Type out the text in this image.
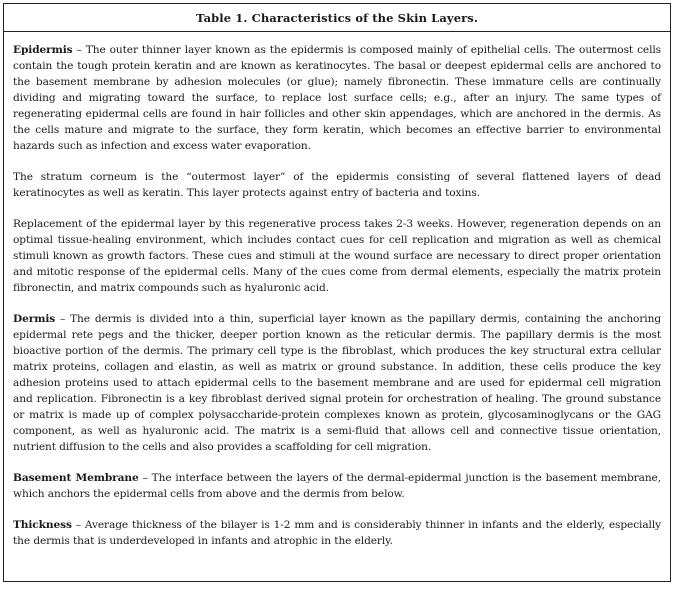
Table 1. Characteristics of the Skin Layers.

Epidermis – The outer thinner layer known as the epidermis is composed mainly of epithelial cells. The outermost cells contain the tough protein keratin and are known as keratinocytes. The basal or deepest epidermal cells are anchored to the basement membrane by adhesion molecules (or glue); namely fibronectin. These immature cells are continually dividing and migrating toward the surface, to replace lost surface cells; e.g., after an injury. The same types of regenerating epidermal cells are found in hair follicles and other skin appendages, which are anchored in the dermis. As the cells mature and migrate to the surface, they form keratin, which becomes an effective barrier to environmental hazards such as infection and excess water evaporation.

The stratum corneum is the “outermost layer” of the epidermis consisting of several flattened layers of dead keratinocytes as well as keratin. This layer protects against entry of bacteria and toxins.

Replacement of the epidermal layer by this regenerative process takes 2-3 weeks. However, regeneration depends on an optimal tissue-healing environment, which includes contact cues for cell replication and migration as well as chemical stimuli known as growth factors. These cues and stimuli at the wound surface are necessary to direct proper orientation and mitotic response of the epidermal cells. Many of the cues come from dermal elements, especially the matrix protein fibronectin, and matrix compounds such as hyaluronic acid.

Dermis – The dermis is divided into a thin, superficial layer known as the papillary dermis, containing the anchoring epidermal rete pegs and the thicker, deeper portion known as the reticular dermis. The papillary dermis is the most bioactive portion of the dermis. The primary cell type is the fibroblast, which produces the key structural extra cellular matrix proteins, collagen and elastin, as well as matrix or ground substance. In addition, these cells produce the key adhesion proteins used to attach epidermal cells to the basement membrane and are used for epidermal cell migration and replication. Fibronectin is a key fibroblast derived signal protein for orchestration of healing. The ground substance or matrix is made up of complex polysaccharide-protein complexes known as protein, glycosaminoglycans or the GAG component, as well as hyaluronic acid. The matrix is a semi-fluid that allows cell and connective tissue orientation, nutrient diffusion to the cells and also provides a scaffolding for cell migration.

Basement Membrane – The interface between the layers of the dermal-epidermal junction is the basement membrane, which anchors the epidermal cells from above and the dermis from below.

Thickness – Average thickness of the bilayer is 1-2 mm and is considerably thinner in infants and the elderly, especially the dermis that is underdeveloped in infants and atrophic in the elderly.
